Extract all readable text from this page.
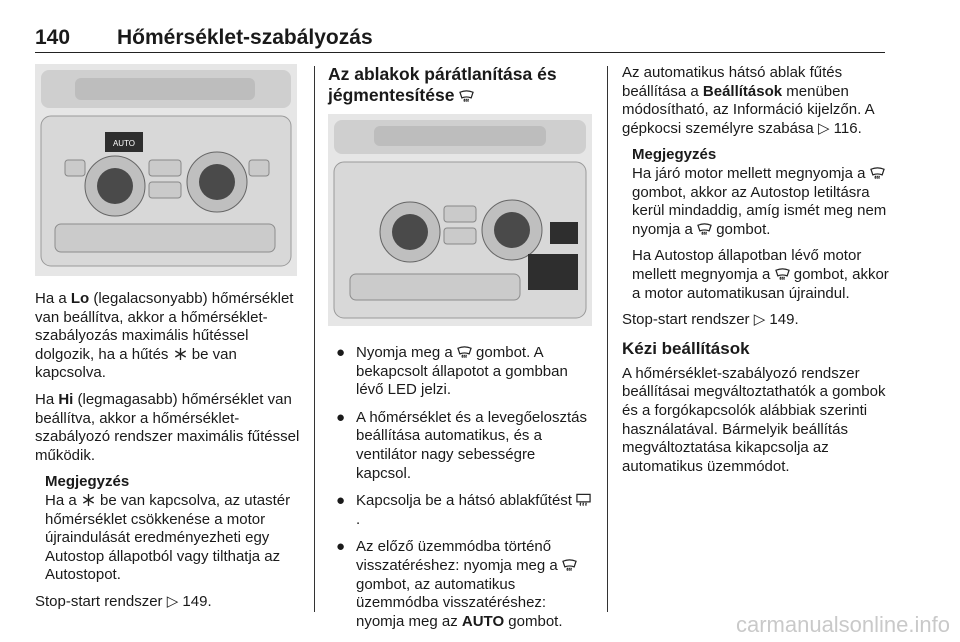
140 Hőmérséklet-szabályozás
AUTO

Ha a Lo (legalacsonyabb) hőmérséklet van beállítva, akkor a hőmérséklet-szabályozás maximális hűtéssel dolgozik, ha a hűtés  be van kapcsolva.

Ha Hi (legmagasabb) hőmérséklet van beállítva, akkor a hőmérséklet-szabályozó rendszer maximális fűtéssel működik.

Megjegyzés
Ha a  be van kapcsolva, az utastér hőmérséklet csökkenése a motor újraindulását eredményezheti egy Autostop állapotból vagy tilthatja az Autostopot.

Stop-start rendszer ▷ 149.

Az ablakok párátlanítása és jégmentesítése
● Nyomja meg a  gombot. A bekapcsolt állapotot a gombban lévő LED jelzi.
● A hőmérséklet és a levegőelosztás beállítása automatikus, és a ventilátor nagy sebességre kapcsol.
● Kapcsolja be a hátsó ablakfűtést .
● Az előző üzemmódba történő visszatéréshez: nyomja meg a  gombot, az automatikus üzemmódba visszatéréshez: nyomja meg az AUTO gombot.

Az automatikus hátsó ablak fűtés beállítása a Beállítások menüben módosítható, az Információ kijelzőn. A gépkocsi személyre szabása ▷ 116.

Megjegyzés

Ha járó motor mellett megnyomja a  gombot, akkor az Autostop letiltásra kerül mindaddig, amíg ismét meg nem nyomja a  gombot.

Ha Autostop állapotban lévő motor mellett megnyomja a  gombot, akkor a motor automatikusan újraindul.

Stop-start rendszer ▷ 149.

Kézi beállítások

A hőmérséklet-szabályozó rendszer beállításai megváltoztathatók a gombok és a forgókapcsolók alábbiak szerinti használatával. Bármelyik beállítás megváltoztatása kikapcsolja az automatikus üzemmódot.

carmanualsonline.info
